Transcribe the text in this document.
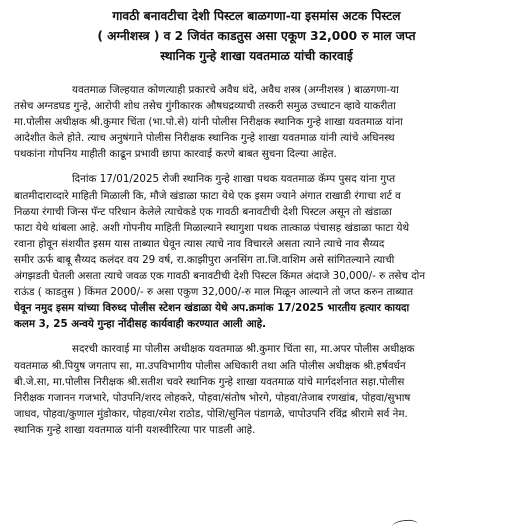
गावठी बनावटीचा देशी पिस्टल बाळगणा-या इसमांस अटक पिस्टल
( अग्नीशस्त्र ) व 2 जिवंत काडतुस असा एकूण 32,000 रु माल जप्त
स्थानिक गुन्हे शाखा यवतमाळ यांची कारवाई
यवतमाळ जिल्हयात कोणत्याही प्रकारचे अवैध धंदे, अवैध शस्त्र (अग्नीशस्त्र ) बाळगणा-या
तसेच अग्नडघड गुन्हे, आरोपी शोध तसेच गुंगीकारक औषधद्रव्याची तस्करी समुळ उच्चाटन व्हावे याकरीता
मा.पोलीस अधीक्षक श्री.कुमार चिंता (भा.पो.से) यांनी पोलीस निरीक्षक स्थानिक गुन्हे शाखा यवतमाळ यांना
आदेशीत केले होते. त्याच अनुषंगाने पोलीस निरीक्षक स्थानिक गुन्हे शाखा यवतमाळ यांनी त्यांचे अधिनस्थ
पथकांना गोपनिय माहीती काढून प्रभावी छापा कारवाई करणे बाबत सुचना दिल्या आहेत.
दिनांक 17/01/2025 रोजी स्थानिक गुन्हे शाखा पथक यवतमाळ कॅम्प पुसद यांना गुप्त
बातमीदाराव्दारे माहिती मिळाली कि, मौजे खंडाळा फाटा येथे एक इसम ज्याने अंगात राखाडी रंगाचा शर्ट व
निळया रंगाची जिन्स पॅन्ट परिधान केलेले त्याचेकडे एक गावठी बनावटीची देशी पिस्टल असून तो खंडाळा
फाटा येथे थांबला आहे. अशी गोपनीय माहिती मिळाल्याने स्थागुशा पथक तात्काळ पंचासह खंडाळा फाटा येथे
रवाना होवून संशयीत इसम यास ताब्यात घेवून त्यास त्याचे नाव विचारले असता त्याने त्याचे नाव सैय्यद
समीर ऊर्फ बाबू सैय्यद कलंदर वय 29 वर्ष, रा.काझीपुरा अनसिंग ता.जि.वाशिम असे सांगितल्याने त्याची
अंगझडती घेतली असता त्याचे जवळ एक गावठी बनावटीची देशी पिस्टल किंमत अंदाजे 30,000/- रु तसेच दोन
राऊंड ( काडतुस ) किंमत 2000/- रु असा एकुण 32,000/-रु माल मिळून आल्याने तो जप्त करुन ताब्यात
घेवून नमुद इसम यांच्या विरुध्द पोलीस स्टेशन खंडाळा येथे अप.क्रमांक 17/2025 भारतीय हत्यार कायदा
कलम 3, 25 अन्वये गुन्हा नोंदीसह कार्यवाही करण्यात आली आहे.
सदरची कारवाई मा पोलीस अधीक्षक यवतमाळ श्री.कुमार चिंता सा, मा.अपर पोलीस अधीक्षक
यवतमाळ श्री.पियुष जगताप सा, मा.उपविभागीय पोलीस अधिकारी तथा अति पोलीस अधीक्षक श्री.हर्षवर्धन
बी.जे.सा, मा.पोलीस निरीक्षक श्री.सतीश चवरे स्थानिक गुन्हे शाखा यवतमाळ यांचे मार्गदर्शनात सहा.पोलीस
निरीक्षक गजानन गजभारे, पोउपनि/शरद लोहकरे, पोहवा/संतोष भोरगे, पोहवा/तेजाब रणखांब, पोहवा/सुभाष
जाधव, पोहवा/कुणाल मुंडोकार, पोहवा/रमेश राठोड, पोशि/सुनिल पंडागळे, चापोउपनि रविंद्र श्रीरामे सर्व नेम.
स्थानिक गुन्हे शाखा यवतमाळ यांनी यशस्वीरित्या पार पाडली आहे.
